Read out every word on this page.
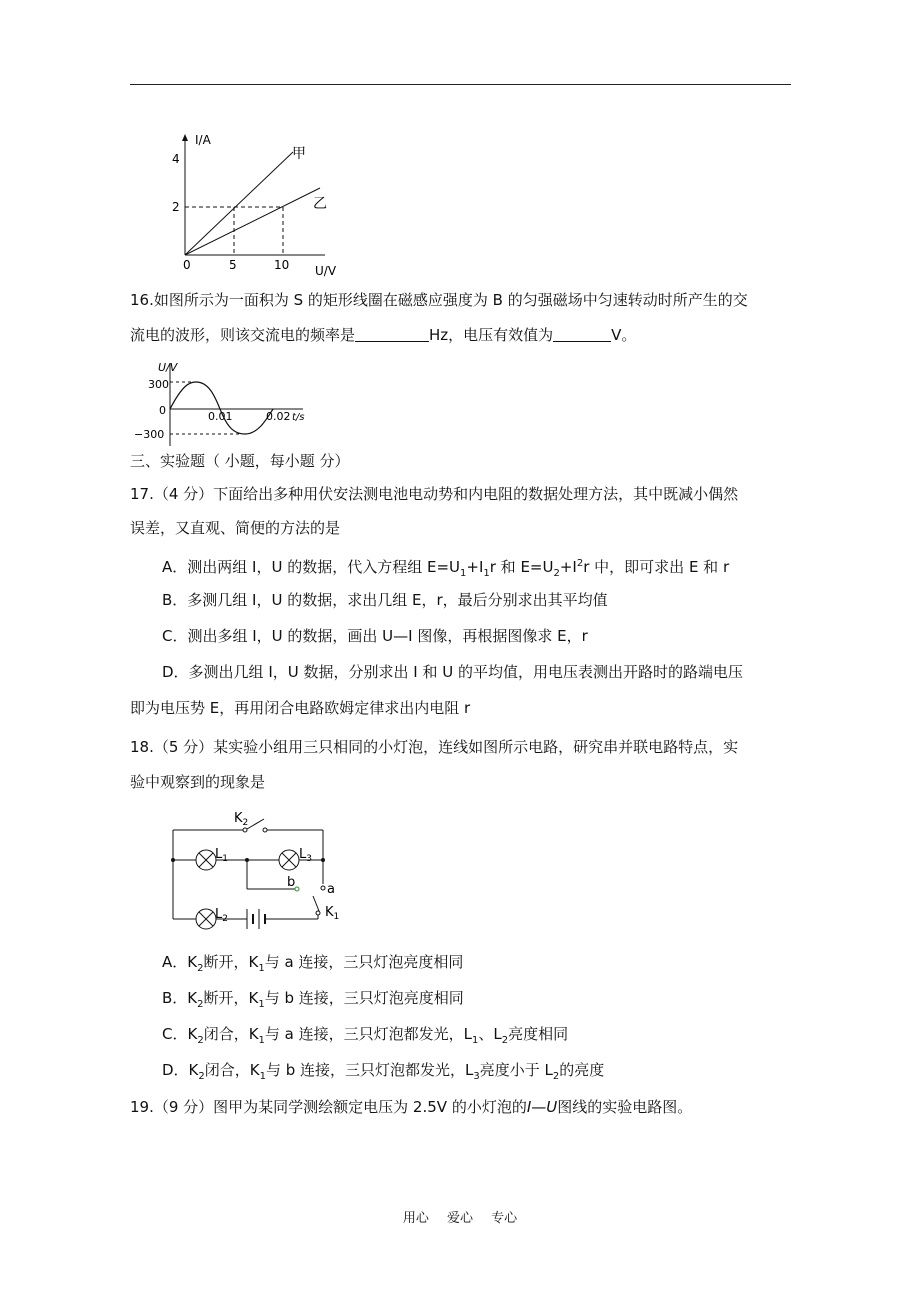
I/A
4
2
0	5	10 U/V
甲
乙
16.如图所示为一面积为 S 的矩形线圈在磁感应强度为 B 的匀强磁场中匀速转动时所产生的交
流电的波形，则该交流电的频率是	Hz，电压有效值为	V。
U/V
300
0
−300
0.01	0.02 t/s
三、实验题（ 小题，每小题 分）
17.（4 分）下面给出多种用伏安法测电池电动势和内电阻的数据处理方法，其中既减小偶然
误差，又直观、简便的方法的是
A．测出两组 I，U 的数据，代入方程组 $E=U_1+I_1r$ 和 $E=U_2+I^2r$ 中，即可求出 E 和 r
B．多测几组 I，U 的数据，求出几组 E，r，最后分别求出其平均值
C．测出多组 I，U 的数据，画出 U—I 图像，再根据图像求 E，r
D．多测出几组 I，U 数据，分别求出 I 和 U 的平均值，用电压表测出开路时的路端电压
即为电压势 E，再用闭合电路欧姆定律求出内电阻 r
18.（5 分）某实验小组用三只相同的小灯泡，连线如图所示电路，研究串并联电路特点，实
验中观察到的现象是
$K_2$
$L_1$	$L_3$
$L_2$
b a
$K_1$
A．$K_2$断开，$K_1$与 a 连接，三只灯泡亮度相同
B．$K_2$断开，$K_1$与 b 连接，三只灯泡亮度相同
C．$K_2$闭合，$K_1$与 a 连接，三只灯泡都发光，$L_1$、$L_2$亮度相同
D．$K_2$闭合，$K_1$与 b 连接，三只灯泡都发光，$L_3$亮度小于 $L_2$的亮度
19.（9 分）图甲为某同学测绘额定电压为 2.5V 的小灯泡的I—U图线的实验电路图。
用心 爱心 专心
